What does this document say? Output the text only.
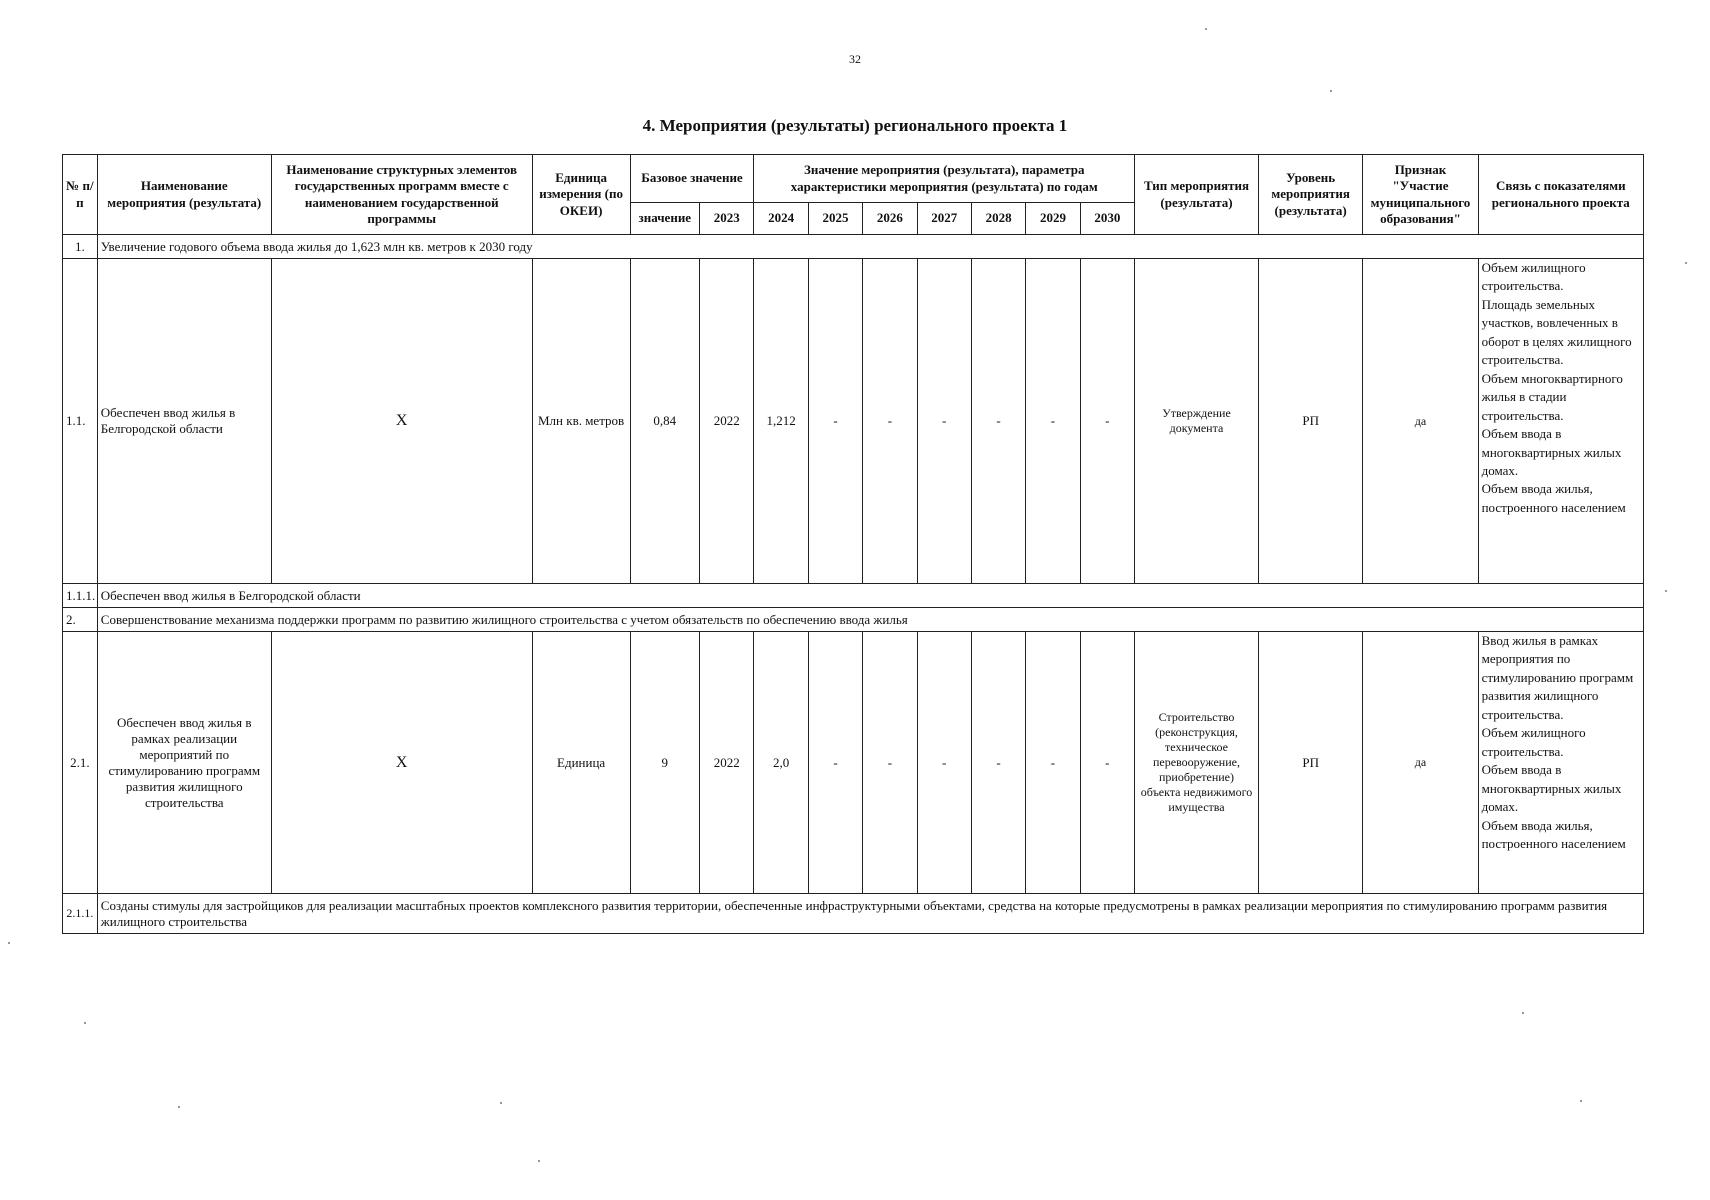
32
4. Мероприятия (результаты) регионального проекта 1
№ п/п	Наименование мероприятия (результата)	Наименование структурных элементов государственных программ вместе с наименованием государственной программы	Единица измерения (по ОКЕИ)	Базовое значение		Значение мероприятия (результата), параметра характеристики мероприятия (результата) по годам							Тип мероприятия (результата)	Уровень мероприятия (результата)	Признак "Участие муниципального образования"	Связь с показателями регионального проекта
				значение	2023	2024	2025	2026	2027	2028	2029	2030				
1.	Увеличение годового объема ввода жилья до 1,623 млн кв. метров к 2030 году															
1.1.	Обеспечен ввод жилья в Белгородской области	X	Млн кв. метров	0,84	2022	1,212	-	-	-	-	-	-	Утверждение документа	РП	да	Объем жилищного строительства.
Площадь земельных участков, вовлеченных в оборот в целях жилищного строительства.
Объем многоквартирного жилья в стадии строительства.
Объем ввода в многоквартирных жилых домах.
Объем ввода жилья, построенного населением

1.1.1.	Обеспечен ввод жилья в Белгородской области															
2.	Совершенствование механизма поддержки программ по развитию жилищного строительства с учетом обязательств по обеспечению ввода жилья															
2.1.	Обеспечен ввод жилья в рамках реализации мероприятий по стимулированию программ развития жилищного строительства	X	Единица	9	2022	2,0	-	-	-	-	-	-	Строительство (реконструкция, техническое перевооружение, приобретение) объекта недвижимого имущества	РП	да	Ввод жилья в рамках мероприятия по стимулированию программ развития жилищного строительства.
Объем жилищного строительства.
Объем ввода в многоквартирных жилых домах.
Объем ввода жилья, построенного населением

2.1.1.	Созданы стимулы для застройщиков для реализации масштабных проектов комплексного развития территории, обеспеченные инфраструктурными объектами, средства на которые предусмотрены в рамках реализации мероприятия по стимулированию программ развития жилищного строительства															
